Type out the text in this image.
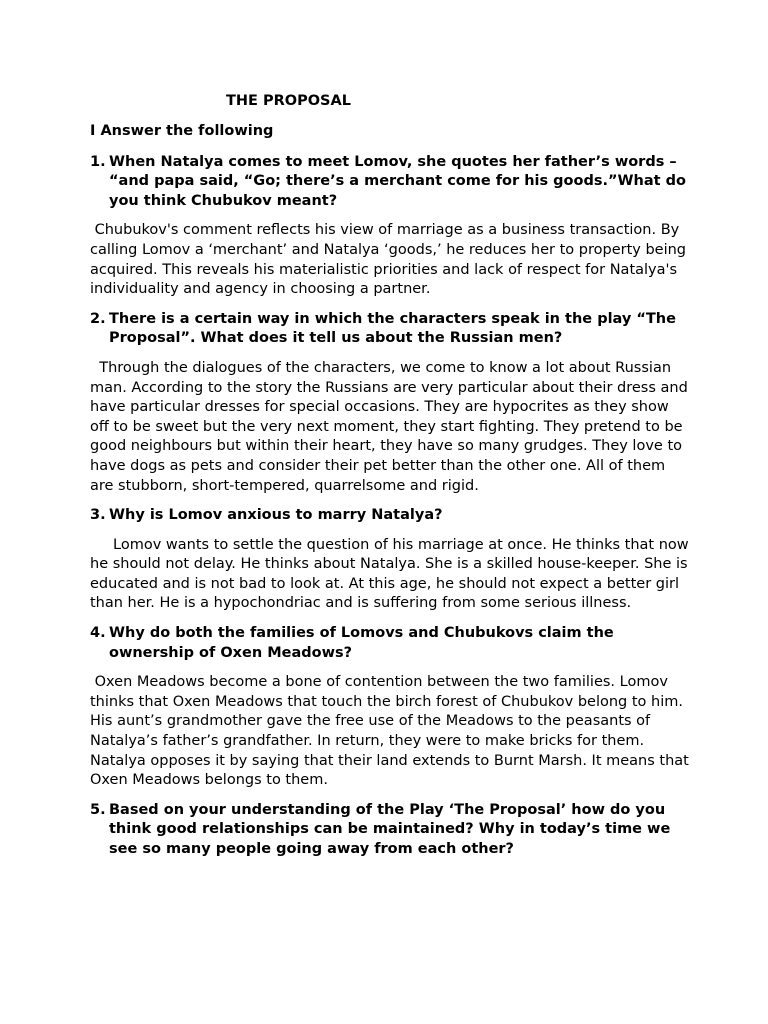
THE PROPOSAL
I Answer the following
1. When Natalya comes to meet Lomov, she quotes her father’s words – “and papa said, “Go; there’s a merchant come for his goods.”What do you think Chubukov meant?
Chubukov's comment reflects his view of marriage as a business transaction. By calling Lomov a ‘merchant’ and Natalya ‘goods,’ he reduces her to property being acquired. This reveals his materialistic priorities and lack of respect for Natalya's individuality and agency in choosing a partner.
2. There is a certain way in which the characters speak in the play “The Proposal”. What does it tell us about the Russian men?
Through the dialogues of the characters, we come to know a lot about Russian man. According to the story the Russians are very particular about their dress and have particular dresses for special occasions. They are hypocrites as they show off to be sweet but the very next moment, they start fighting. They pretend to be good neighbours but within their heart, they have so many grudges. They love to have dogs as pets and consider their pet better than the other one. All of them are stubborn, short-tempered, quarrelsome and rigid.
3. Why is Lomov anxious to marry Natalya?
Lomov wants to settle the question of his marriage at once. He thinks that now he should not delay. He thinks about Natalya. She is a skilled house-keeper. She is educated and is not bad to look at. At this age, he should not expect a better girl than her. He is a hypochondriac and is suffering from some serious illness.
4. Why do both the families of Lomovs and Chubukovs claim the ownership of Oxen Meadows?
Oxen Meadows become a bone of contention between the two families. Lomov thinks that Oxen Meadows that touch the birch forest of Chubukov belong to him. His aunt’s grandmother gave the free use of the Meadows to the peasants of Natalya’s father’s grandfather. In return, they were to make bricks for them. Natalya opposes it by saying that their land extends to Burnt Marsh. It means that Oxen Meadows belongs to them.
5. Based on your understanding of the Play ‘The Proposal’ how do you think good relationships can be maintained? Why in today’s time we see so many people going away from each other?
